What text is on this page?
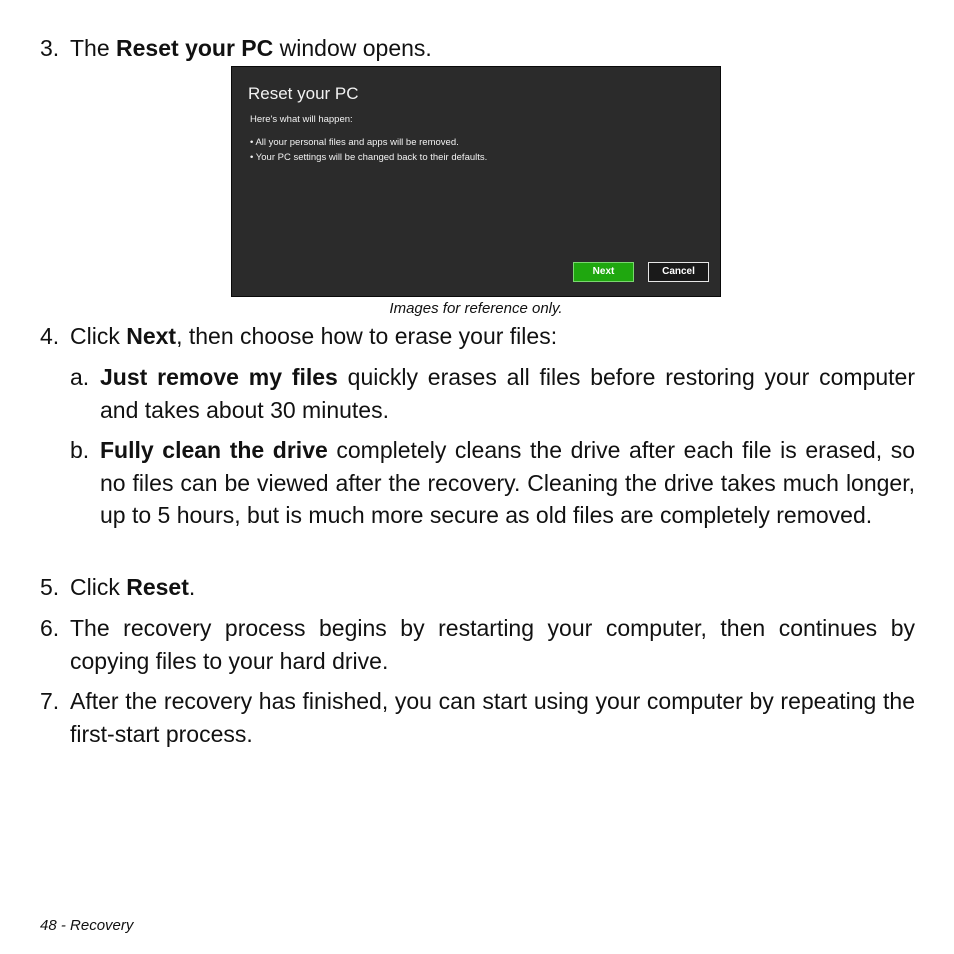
3. The Reset your PC window opens.
Reset your PC
Here's what will happen:
• All your personal files and apps will be removed.
• Your PC settings will be changed back to their defaults.
Next	Cancel
Images for reference only.
4. Click Next, then choose how to erase your files:
a. Just remove my files quickly erases all files before restoring your computer and takes about 30 minutes.
b. Fully clean the drive completely cleans the drive after each file is erased, so no files can be viewed after the recovery. Cleaning the drive takes much longer, up to 5 hours, but is much more secure as old files are completely removed.
5. Click Reset.
6. The recovery process begins by restarting your computer, then continues by copying files to your hard drive.
7. After the recovery has finished, you can start using your computer by repeating the first-start process.
48 - Recovery
